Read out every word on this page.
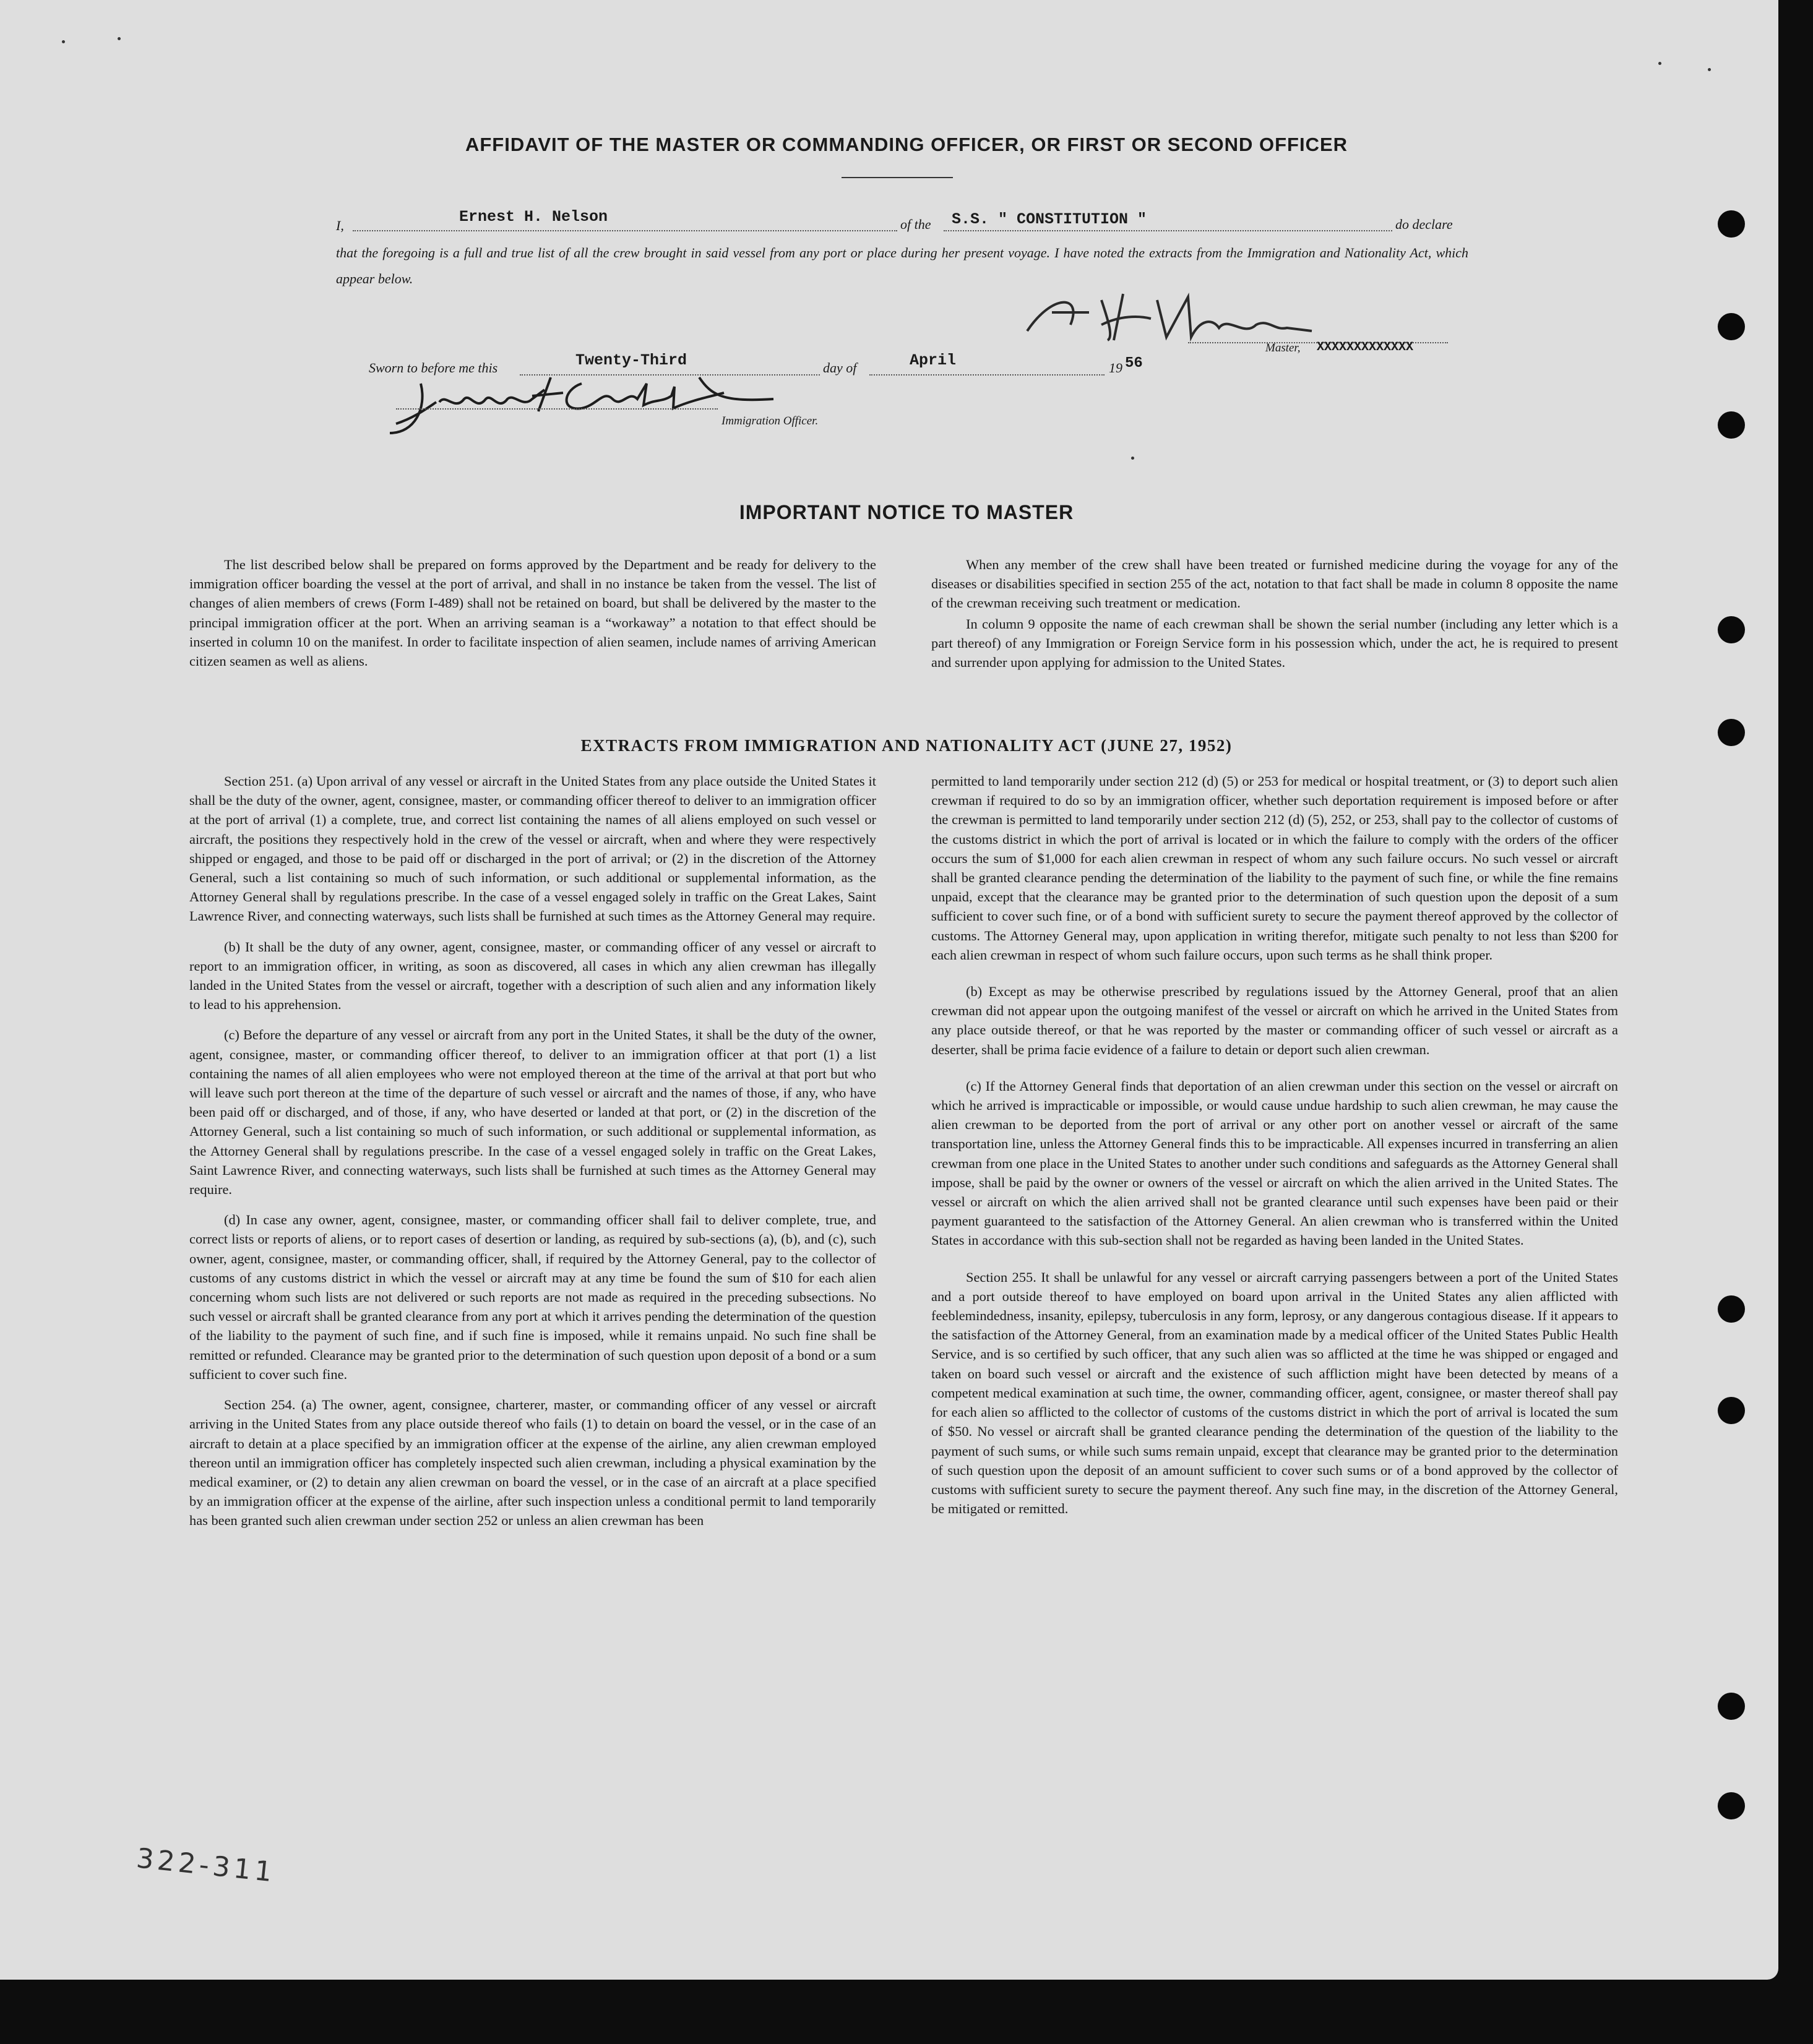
AFFIDAVIT OF THE MASTER OR COMMANDING OFFICER, OR FIRST OR SECOND OFFICER
I,	Ernest H. Nelson	of the S.S. " CONSTITUTION "	do declare

that the foregoing is a full and true list of all the crew brought in said vessel from any port or place during her present voyage. I have noted the extracts from the Immigration and Nationality Act, which appear below.

Master, XXXXXXXXXXXXX
Sworn to before me this	Twenty-Third	day of	April	19 56
Immigration Officer.
IMPORTANT NOTICE TO MASTER

The list described below shall be prepared on forms approved by the Department and be ready for delivery to the immigration officer boarding the vessel at the port of arrival, and shall in no instance be taken from the vessel. The list of changes of alien members of crews (Form I-489) shall not be retained on board, but shall be delivered by the master to the principal immigration officer at the port. When an arriving seaman is a “workaway” a notation to that effect should be inserted in column 10 on the manifest. In order to facilitate inspection of alien seamen, include names of arriving American citizen seamen as well as aliens.

When any member of the crew shall have been treated or furnished medicine during the voyage for any of the diseases or disabilities specified in section 255 of the act, notation to that fact shall be made in column 8 opposite the name of the crewman receiving such treatment or medication.

In column 9 opposite the name of each crewman shall be shown the serial number (including any letter which is a part thereof) of any Immigration or Foreign Service form in his possession which, under the act, he is required to present and surrender upon applying for admission to the United States.

EXTRACTS FROM IMMIGRATION AND NATIONALITY ACT (JUNE 27, 1952)

Section 251. (a) Upon arrival of any vessel or aircraft in the United States from any place outside the United States it shall be the duty of the owner, agent, consignee, master, or commanding officer thereof to deliver to an immigration officer at the port of arrival (1) a complete, true, and correct list containing the names of all aliens employed on such vessel or aircraft, the positions they respectively hold in the crew of the vessel or aircraft, when and where they were respectively shipped or engaged, and those to be paid off or discharged in the port of arrival; or (2) in the discretion of the Attorney General, such a list containing so much of such information, or such additional or supplemental information, as the Attorney General shall by regulations prescribe. In the case of a vessel engaged solely in traffic on the Great Lakes, Saint Lawrence River, and connecting waterways, such lists shall be furnished at such times as the Attorney General may require.

(b) It shall be the duty of any owner, agent, consignee, master, or commanding officer of any vessel or aircraft to report to an immigration officer, in writing, as soon as discovered, all cases in which any alien crewman has illegally landed in the United States from the vessel or aircraft, together with a description of such alien and any information likely to lead to his apprehension.

(c) Before the departure of any vessel or aircraft from any port in the United States, it shall be the duty of the owner, agent, consignee, master, or commanding officer thereof, to deliver to an immigration officer at that port (1) a list containing the names of all alien employees who were not employed thereon at the time of the arrival at that port but who will leave such port thereon at the time of the departure of such vessel or aircraft and the names of those, if any, who have been paid off or discharged, and of those, if any, who have deserted or landed at that port, or (2) in the discretion of the Attorney General, such a list containing so much of such information, or such additional or supplemental information, as the Attorney General shall by regulations prescribe. In the case of a vessel engaged solely in traffic on the Great Lakes, Saint Lawrence River, and connecting waterways, such lists shall be furnished at such times as the Attorney General may require.

(d) In case any owner, agent, consignee, master, or commanding officer shall fail to deliver complete, true, and correct lists or reports of aliens, or to report cases of desertion or landing, as required by sub-sections (a), (b), and (c), such owner, agent, consignee, master, or commanding officer, shall, if required by the Attorney General, pay to the collector of customs of any customs district in which the vessel or aircraft may at any time be found the sum of $10 for each alien concerning whom such lists are not delivered or such reports are not made as required in the preceding subsections. No such vessel or aircraft shall be granted clearance from any port at which it arrives pending the determination of the question of the liability to the payment of such fine, and if such fine is imposed, while it remains unpaid. No such fine shall be remitted or refunded. Clearance may be granted prior to the determination of such question upon deposit of a bond or a sum sufficient to cover such fine.

Section 254. (a) The owner, agent, consignee, charterer, master, or commanding officer of any vessel or aircraft arriving in the United States from any place outside thereof who fails (1) to detain on board the vessel, or in the case of an aircraft to detain at a place specified by an immigration officer at the expense of the airline, any alien crewman employed thereon until an immigration officer has completely inspected such alien crewman, including a physical examination by the medical examiner, or (2) to detain any alien crewman on board the vessel, or in the case of an aircraft at a place specified by an immigration officer at the expense of the airline, after such inspection unless a conditional permit to land temporarily has been granted such alien crewman under section 252 or unless an alien crewman has been

permitted to land temporarily under section 212 (d) (5) or 253 for medical or hospital treatment, or (3) to deport such alien crewman if required to do so by an immigration officer, whether such deportation requirement is imposed before or after the crewman is permitted to land temporarily under section 212 (d) (5), 252, or 253, shall pay to the collector of customs of the customs district in which the port of arrival is located or in which the failure to comply with the orders of the officer occurs the sum of $1,000 for each alien crewman in respect of whom any such failure occurs. No such vessel or aircraft shall be granted clearance pending the determination of the liability to the payment of such fine, or while the fine remains unpaid, except that the clearance may be granted prior to the determination of such question upon the deposit of a sum sufficient to cover such fine, or of a bond with sufficient surety to secure the payment thereof approved by the collector of customs. The Attorney General may, upon application in writing therefor, mitigate such penalty to not less than $200 for each alien crewman in respect of whom such failure occurs, upon such terms as he shall think proper.

(b) Except as may be otherwise prescribed by regulations issued by the Attorney General, proof that an alien crewman did not appear upon the outgoing manifest of the vessel or aircraft on which he arrived in the United States from any place outside thereof, or that he was reported by the master or commanding officer of such vessel or aircraft as a deserter, shall be prima facie evidence of a failure to detain or deport such alien crewman.

(c) If the Attorney General finds that deportation of an alien crewman under this section on the vessel or aircraft on which he arrived is impracticable or impossible, or would cause undue hardship to such alien crewman, he may cause the alien crewman to be deported from the port of arrival or any other port on another vessel or aircraft of the same transportation line, unless the Attorney General finds this to be impracticable. All expenses incurred in transferring an alien crewman from one place in the United States to another under such conditions and safeguards as the Attorney General shall impose, shall be paid by the owner or owners of the vessel or aircraft on which the alien arrived in the United States. The vessel or aircraft on which the alien arrived shall not be granted clearance until such expenses have been paid or their payment guaranteed to the satisfaction of the Attorney General. An alien crewman who is transferred within the United States in accordance with this sub-section shall not be regarded as having been landed in the United States.

Section 255. It shall be unlawful for any vessel or aircraft carrying passengers between a port of the United States and a port outside thereof to have employed on board upon arrival in the United States any alien afflicted with feeblemindedness, insanity, epilepsy, tuberculosis in any form, leprosy, or any dangerous contagious disease. If it appears to the satisfaction of the Attorney General, from an examination made by a medical officer of the United States Public Health Service, and is so certified by such officer, that any such alien was so afflicted at the time he was shipped or engaged and taken on board such vessel or aircraft and the existence of such affliction might have been detected by means of a competent medical examination at such time, the owner, commanding officer, agent, consignee, or master thereof shall pay for each alien so afflicted to the collector of customs of the customs district in which the port of arrival is located the sum of $50. No vessel or aircraft shall be granted clearance pending the determination of the question of the liability to the payment of such sums, or while such sums remain unpaid, except that clearance may be granted prior to the determination of such question upon the deposit of an amount sufficient to cover such sums or of a bond approved by the collector of customs with sufficient surety to secure the payment thereof. Any such fine may, in the discretion of the Attorney General, be mitigated or remitted.

322-311
